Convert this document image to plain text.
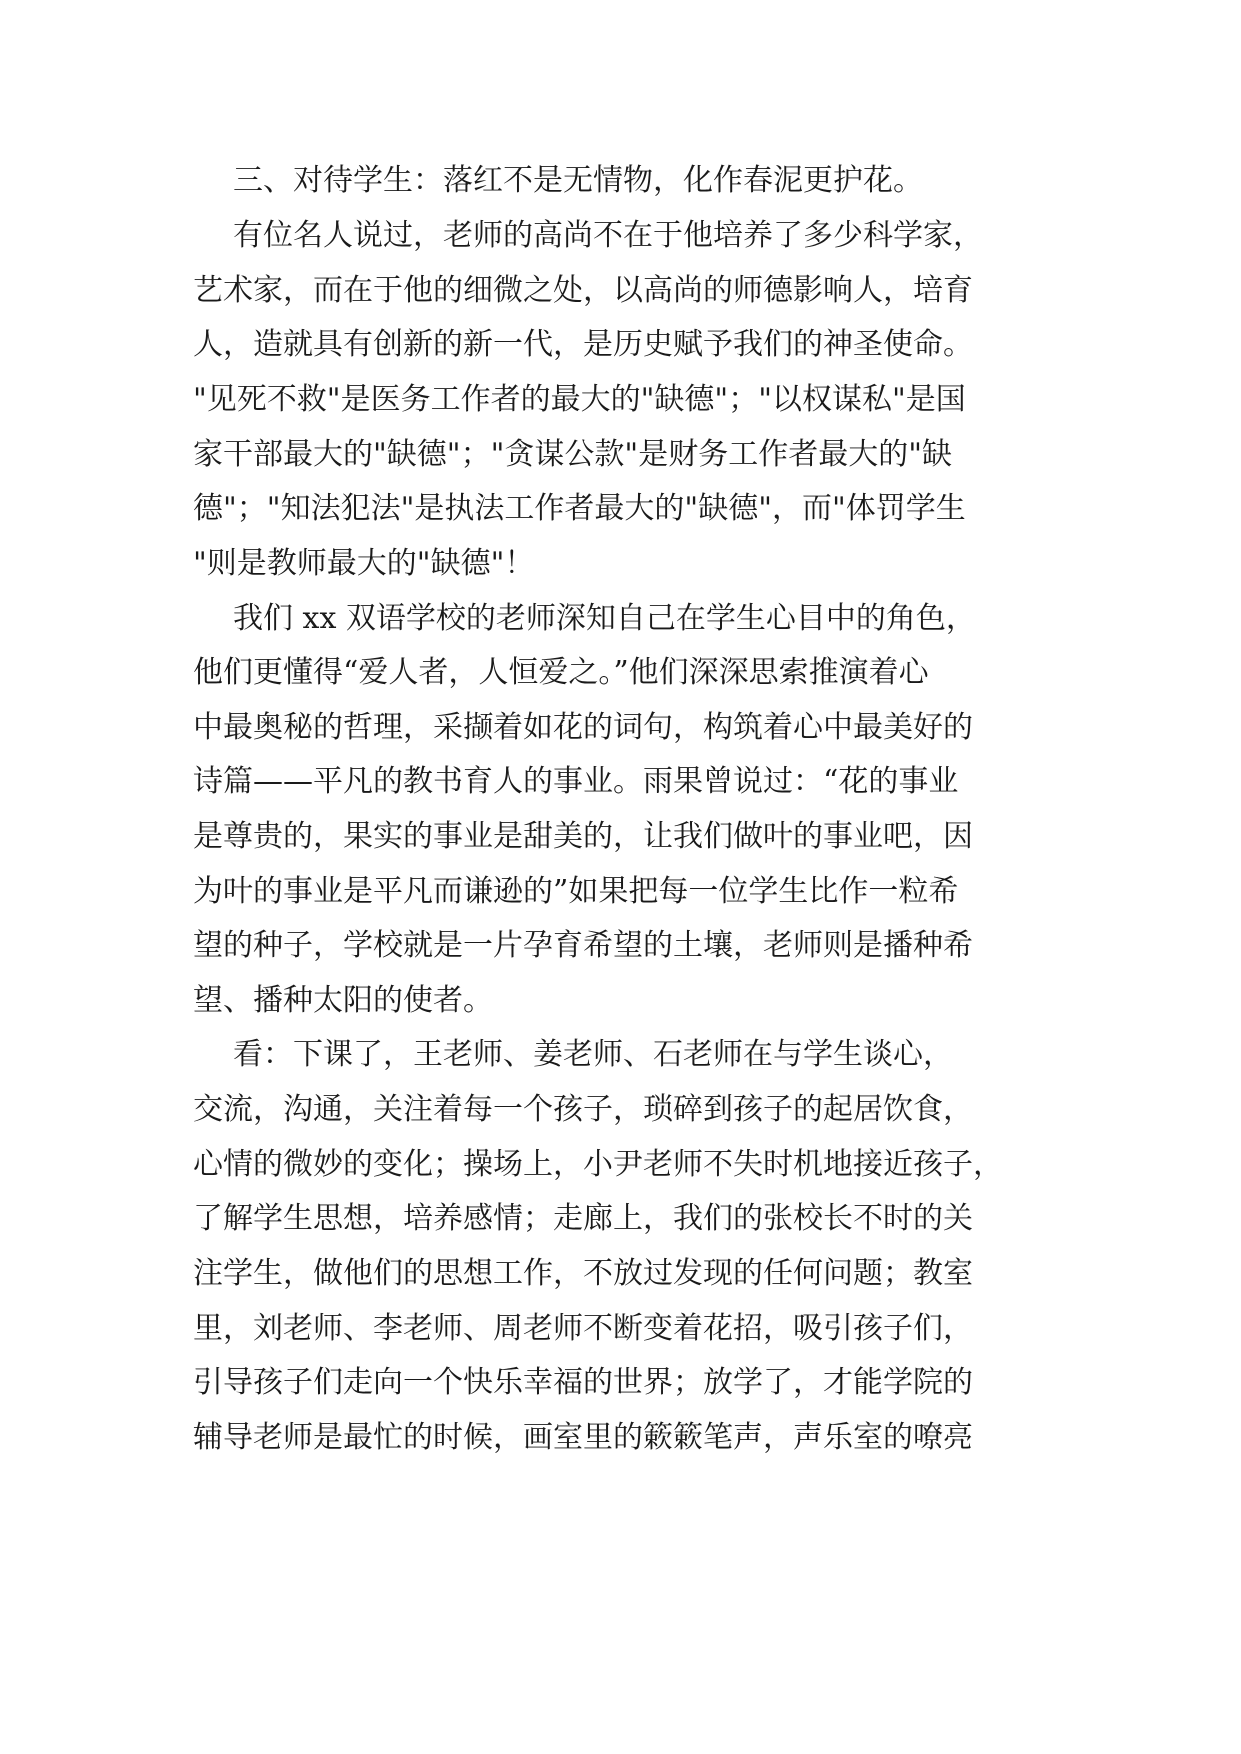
三、对待学生：落红不是无情物，化作春泥更护花。

有位名人说过，老师的高尚不在于他培养了多少科学家，

艺术家，而在于他的细微之处，以高尚的师德影响人，培育

人，造就具有创新的新一代，是历史赋予我们的神圣使命。

"见死不救"是医务工作者的最大的"缺德"；"以权谋私"是国

家干部最大的"缺德"；"贪谋公款"是财务工作者最大的"缺

德"；"知法犯法"是执法工作者最大的"缺德"，而"体罚学生

"则是教师最大的"缺德"！

我们 xx 双语学校的老师深知自己在学生心目中的角色，

他们更懂得“爱人者，人恒爱之。”他们深深思索推演着心

中最奥秘的哲理，采撷着如花的词句，构筑着心中最美好的

诗篇——平凡的教书育人的事业。雨果曾说过：“花的事业

是尊贵的，果实的事业是甜美的，让我们做叶的事业吧，因

为叶的事业是平凡而谦逊的”如果把每一位学生比作一粒希

望的种子，学校就是一片孕育希望的土壤，老师则是播种希

望、播种太阳的使者。

看：下课了，王老师、姜老师、石老师在与学生谈心，

交流，沟通，关注着每一个孩子，琐碎到孩子的起居饮食，

心情的微妙的变化；操场上，小尹老师不失时机地接近孩子，

了解学生思想，培养感情；走廊上，我们的张校长不时的关

注学生，做他们的思想工作，不放过发现的任何问题；教室

里，刘老师、李老师、周老师不断变着花招，吸引孩子们，

引导孩子们走向一个快乐幸福的世界；放学了，才能学院的

辅导老师是最忙的时候，画室里的簌簌笔声，声乐室的嘹亮
